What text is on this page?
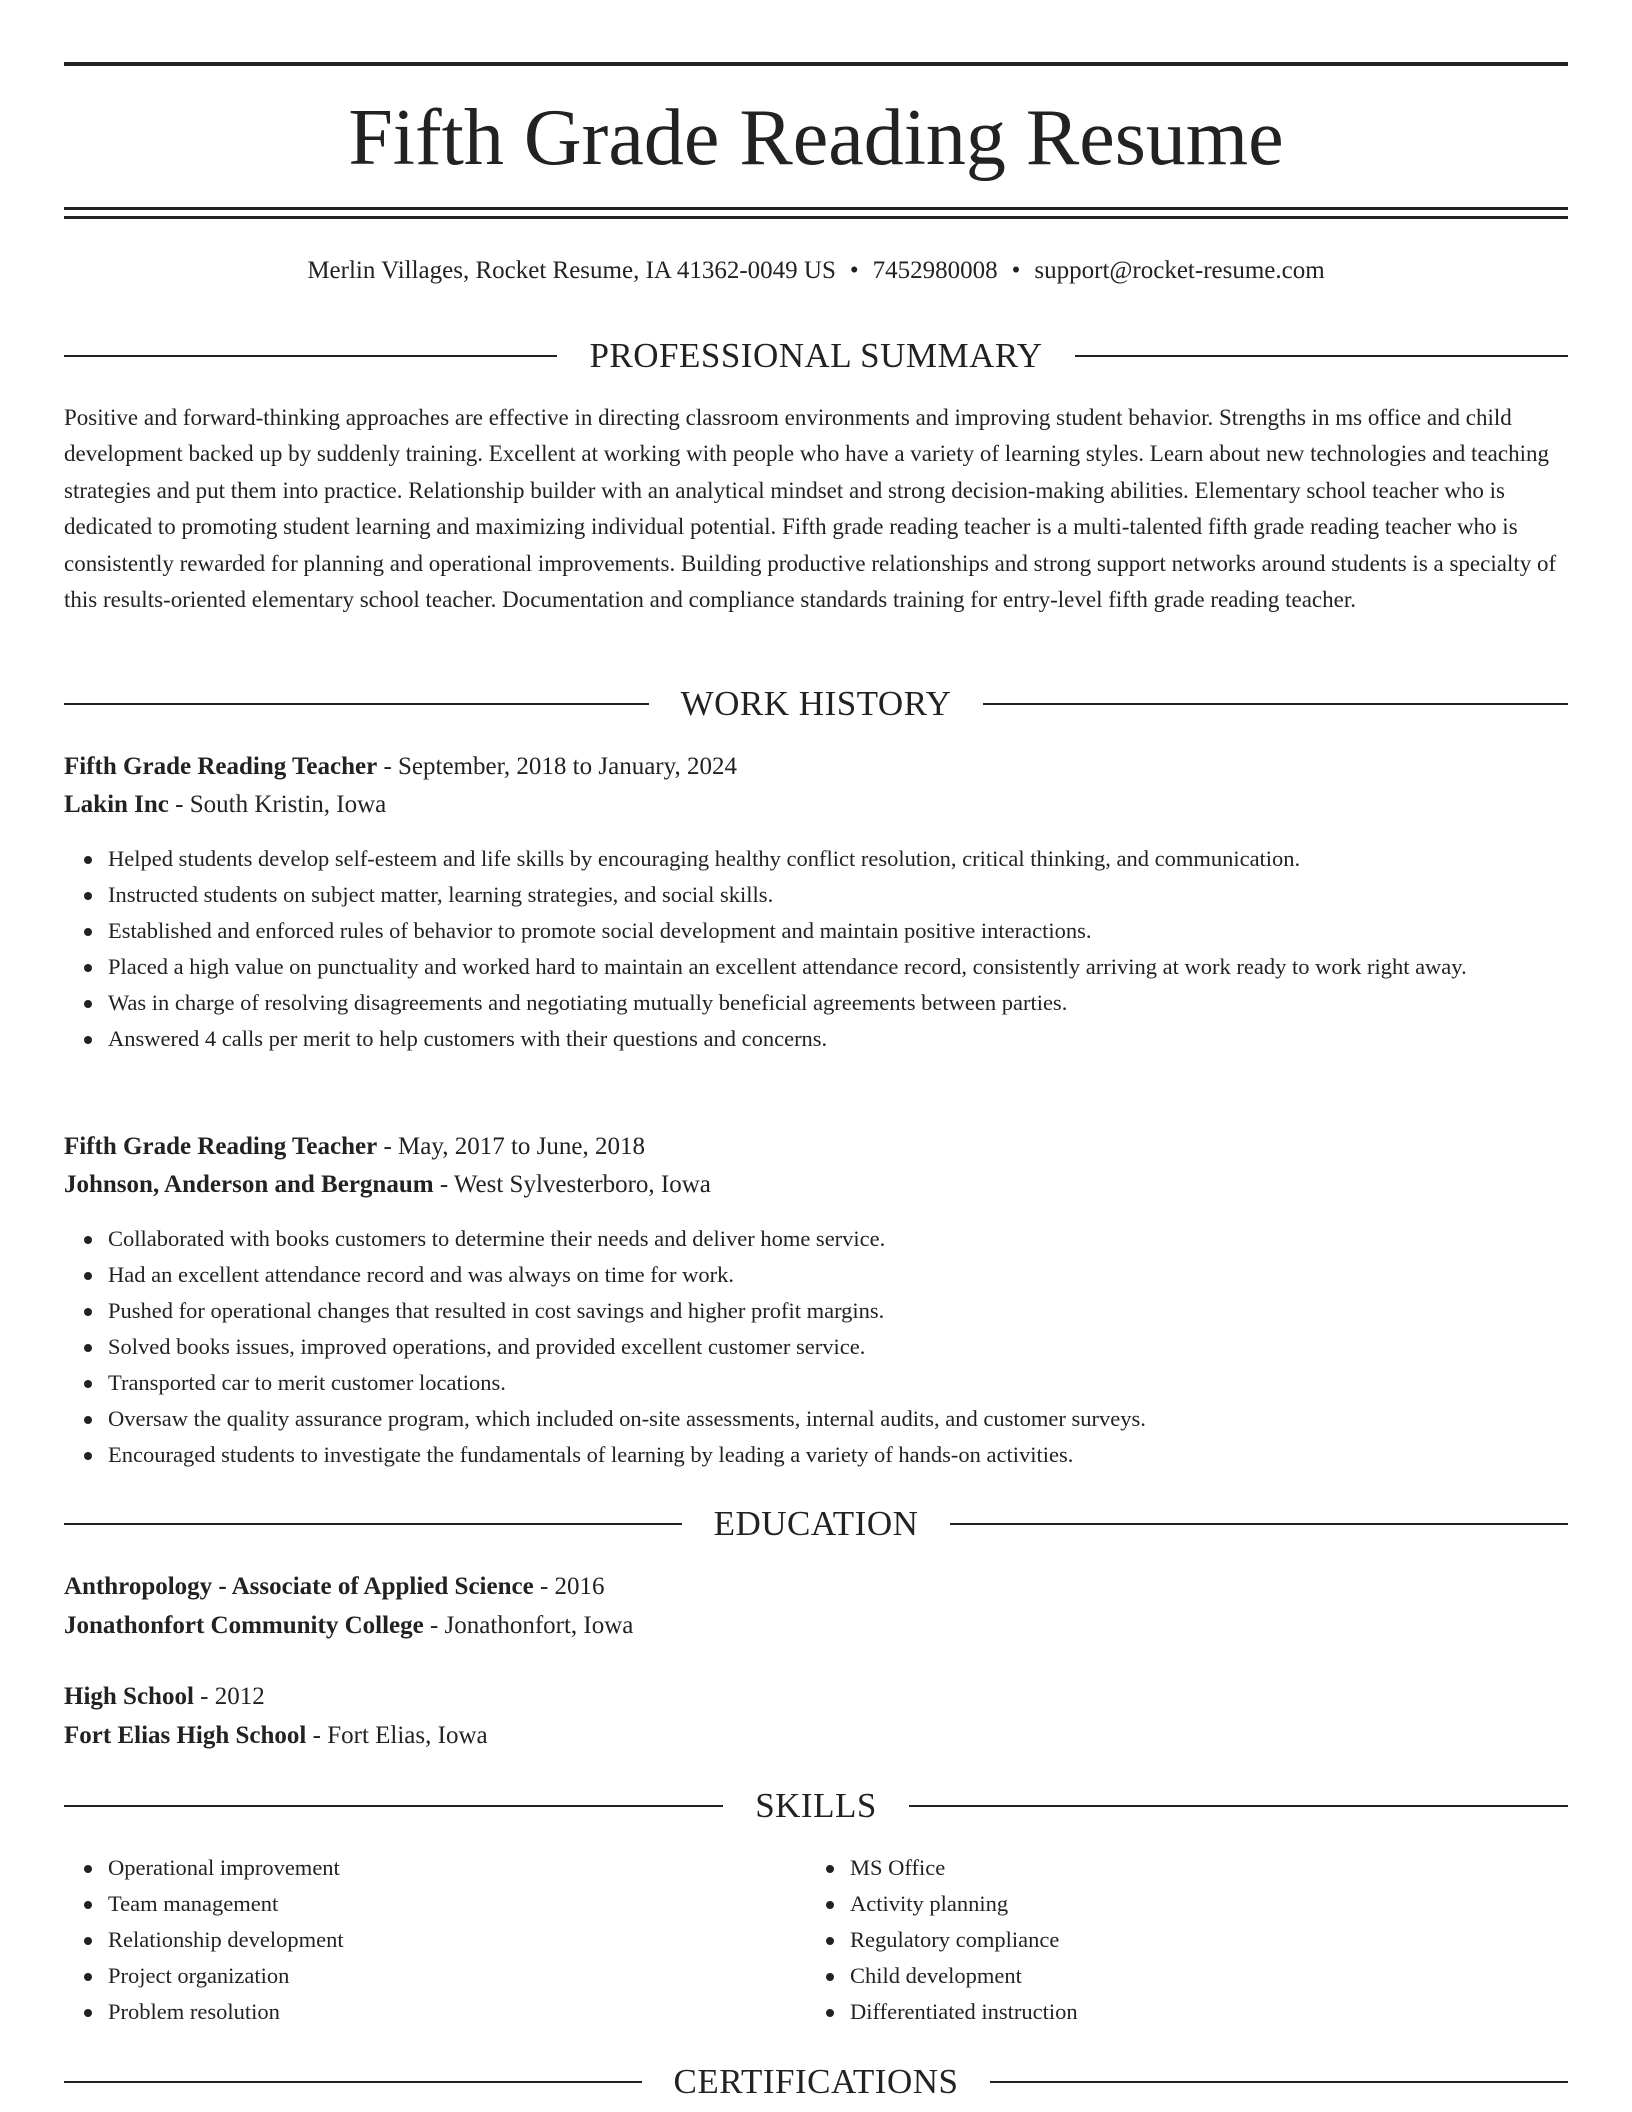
Fifth Grade Reading Resume
Merlin Villages, Rocket Resume, IA 41362-0049 US • 7452980008 • support@rocket-resume.com
PROFESSIONAL SUMMARY
Positive and forward-thinking approaches are effective in directing classroom environments and improving student behavior. Strengths in ms office and child development backed up by suddenly training. Excellent at working with people who have a variety of learning styles. Learn about new technologies and teaching strategies and put them into practice. Relationship builder with an analytical mindset and strong decision-making abilities. Elementary school teacher who is dedicated to promoting student learning and maximizing individual potential. Fifth grade reading teacher is a multi-talented fifth grade reading teacher who is consistently rewarded for planning and operational improvements. Building productive relationships and strong support networks around students is a specialty of this results-oriented elementary school teacher. Documentation and compliance standards training for entry-level fifth grade reading teacher.
WORK HISTORY
Fifth Grade Reading Teacher - September, 2018 to January, 2024
Lakin Inc - South Kristin, Iowa
Helped students develop self-esteem and life skills by encouraging healthy conflict resolution, critical thinking, and communication.
Instructed students on subject matter, learning strategies, and social skills.
Established and enforced rules of behavior to promote social development and maintain positive interactions.
Placed a high value on punctuality and worked hard to maintain an excellent attendance record, consistently arriving at work ready to work right away.
Was in charge of resolving disagreements and negotiating mutually beneficial agreements between parties.
Answered 4 calls per merit to help customers with their questions and concerns.
Fifth Grade Reading Teacher - May, 2017 to June, 2018
Johnson, Anderson and Bergnaum - West Sylvesterboro, Iowa
Collaborated with books customers to determine their needs and deliver home service.
Had an excellent attendance record and was always on time for work.
Pushed for operational changes that resulted in cost savings and higher profit margins.
Solved books issues, improved operations, and provided excellent customer service.
Transported car to merit customer locations.
Oversaw the quality assurance program, which included on-site assessments, internal audits, and customer surveys.
Encouraged students to investigate the fundamentals of learning by leading a variety of hands-on activities.
EDUCATION
Anthropology - Associate of Applied Science - 2016
Jonathonfort Community College - Jonathonfort, Iowa
High School - 2012
Fort Elias High School - Fort Elias, Iowa
SKILLS
Operational improvement
Team management
Relationship development
Project organization
Problem resolution
MS Office
Activity planning
Regulatory compliance
Child development
Differentiated instruction
CERTIFICATIONS
